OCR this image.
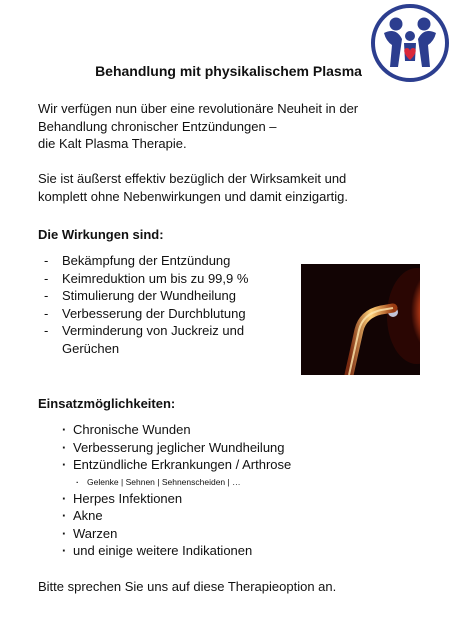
Behandlung mit physikalischem Plasma
Wir verfügen nun über eine revolutionäre Neuheit in der
Behandlung chronischer Entzündungen –
die Kalt Plasma Therapie.
Sie ist äußerst effektiv bezüglich der Wirksamkeit und
komplett ohne Nebenwirkungen und damit einzigartig.
Die Wirkungen sind:
- Bekämpfung der Entzündung
- Keimreduktion um bis zu 99,9 %
- Stimulierung der Wundheilung
- Verbesserung der Durchblutung
- Verminderung von Juckreiz und
Gerüchen
Einsatzmöglichkeiten:
· Chronische Wunden
· Verbesserung jeglicher Wundheilung
· Entzündliche Erkrankungen / Arthrose
· Gelenke | Sehnen | Sehnenscheiden | …
· Herpes Infektionen
· Akne
· Warzen
· und einige weitere Indikationen
Bitte sprechen Sie uns auf diese Therapieoption an.
